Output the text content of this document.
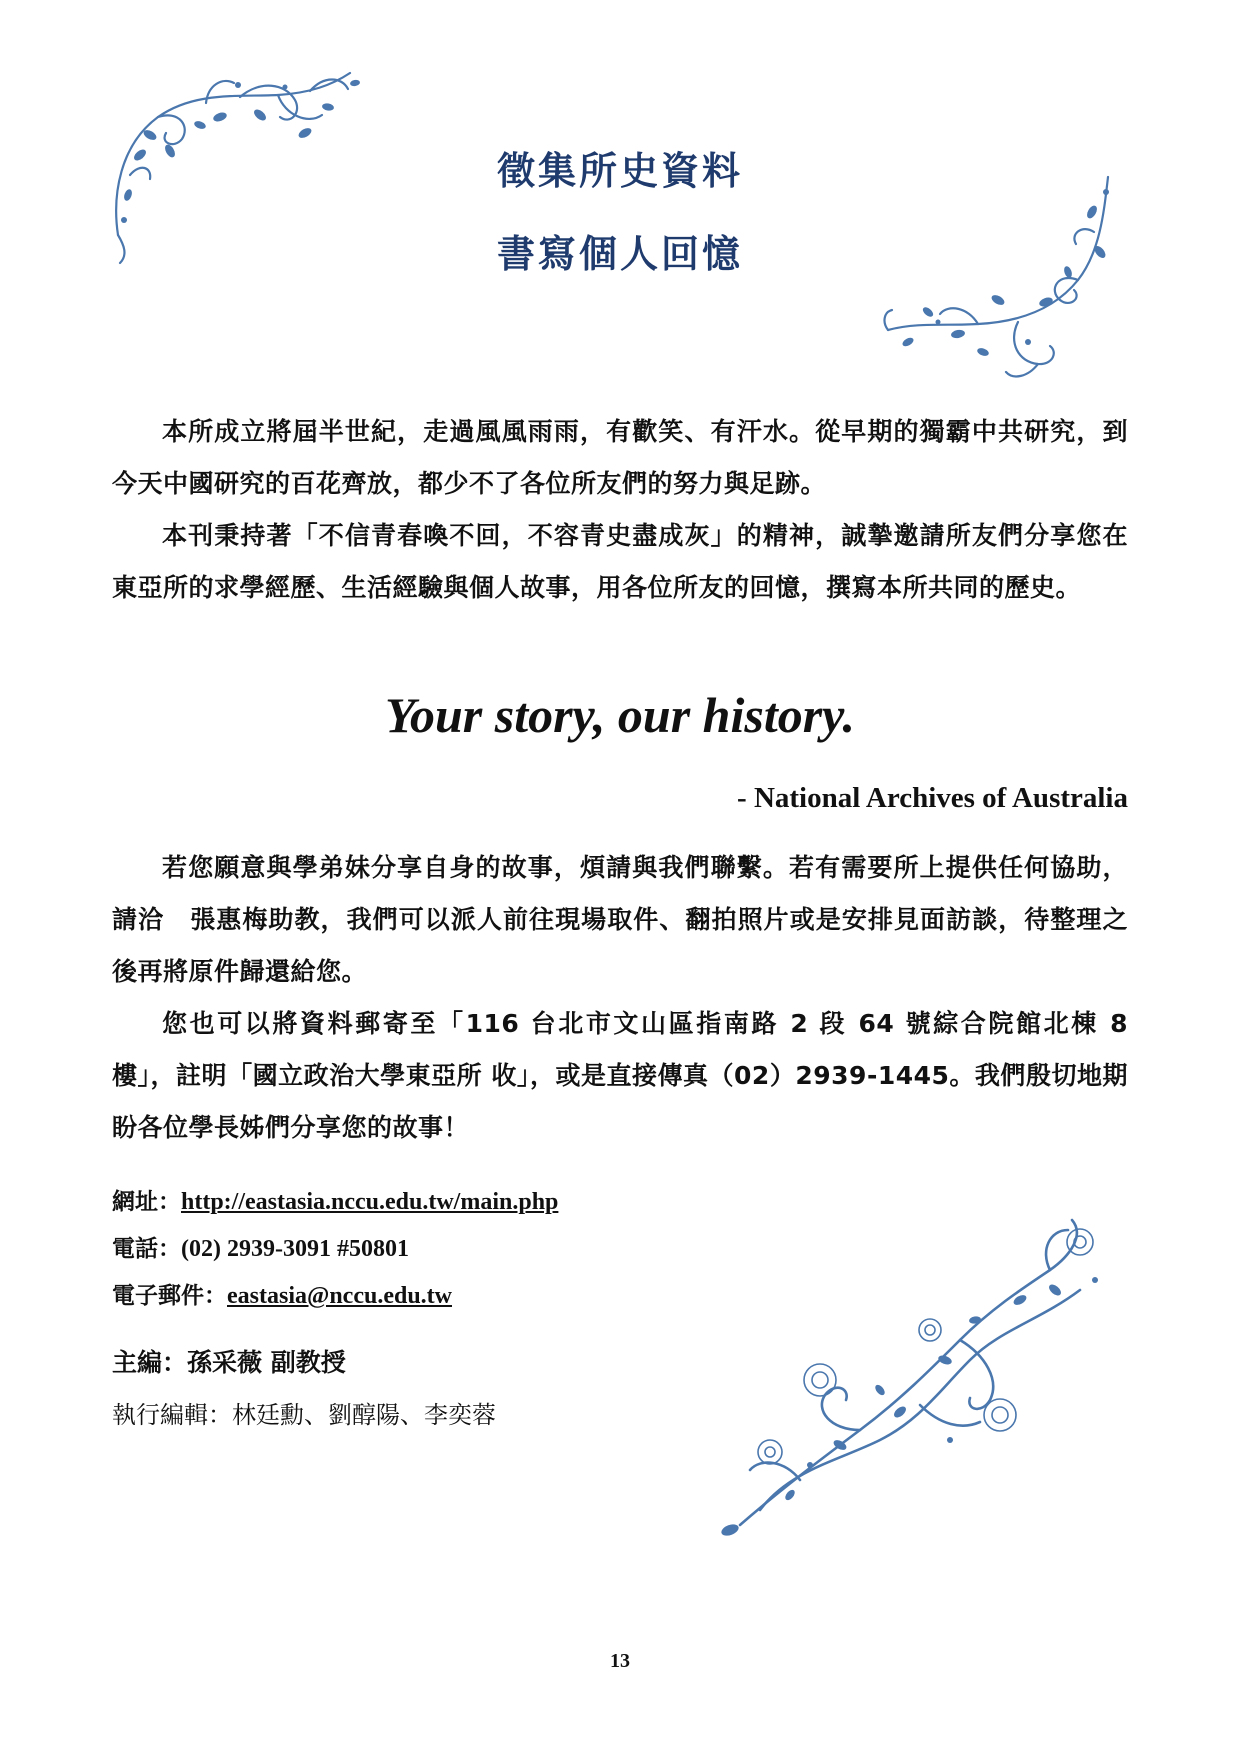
徵集所史資料
書寫個人回憶

本所成立將屆半世紀，走過風風雨雨，有歡笑、有汗水。從早期的獨霸中共研究，到今天中國研究的百花齊放，都少不了各位所友們的努力與足跡。

本刊秉持著「不信青春喚不回，不容青史盡成灰」的精神，誠摯邀請所友們分享您在東亞所的求學經歷、生活經驗與個人故事，用各位所友的回憶，撰寫本所共同的歷史。

Your story, our history.
- National Archives of Australia

若您願意與學弟妹分享自身的故事，煩請與我們聯繫。若有需要所上提供任何協助，請洽　張惠梅助教，我們可以派人前往現場取件、翻拍照片或是安排見面訪談，待整理之後再將原件歸還給您。

您也可以將資料郵寄至「116 台北市文山區指南路 2 段 64 號綜合院館北棟 8 樓」，註明「國立政治大學東亞所 收」，或是直接傳真（02）2939-1445。我們殷切地期盼各位學長姊們分享您的故事！

網址：http://eastasia.nccu.edu.tw/main.php
電話：(02) 2939-3091 #50801
電子郵件：eastasia@nccu.edu.tw
主編：孫采薇 副教授
執行編輯：林廷勳、劉醇陽、李奕蓉
13
